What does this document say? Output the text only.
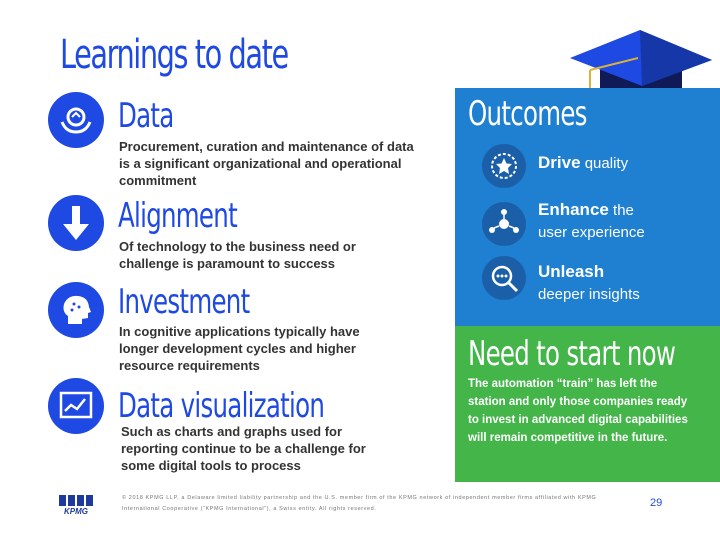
Learnings to date
Data
Procurement, curation and maintenance of data is a significant organizational and operational commitment
Alignment
Of technology to the business need or challenge is paramount to success
Investment
In cognitive applications typically have longer development cycles and higher resource requirements
Data visualization
Such as charts and graphs used for reporting continue to be a challenge for some digital tools to process
Outcomes
Drive quality
Enhance the
user experience
Unleash
deeper insights
Need to start now
The automation “train” has left the station and only those companies ready to invest in advanced digital capabilities will remain competitive in the future.
KPMG
© 2018 KPMG LLP, a Delaware limited liability partnership and the U.S. member firm of the KPMG network of independent member firms affiliated with KPMG International Cooperative (“KPMG International”), a Swiss entity. All rights reserved.	29
